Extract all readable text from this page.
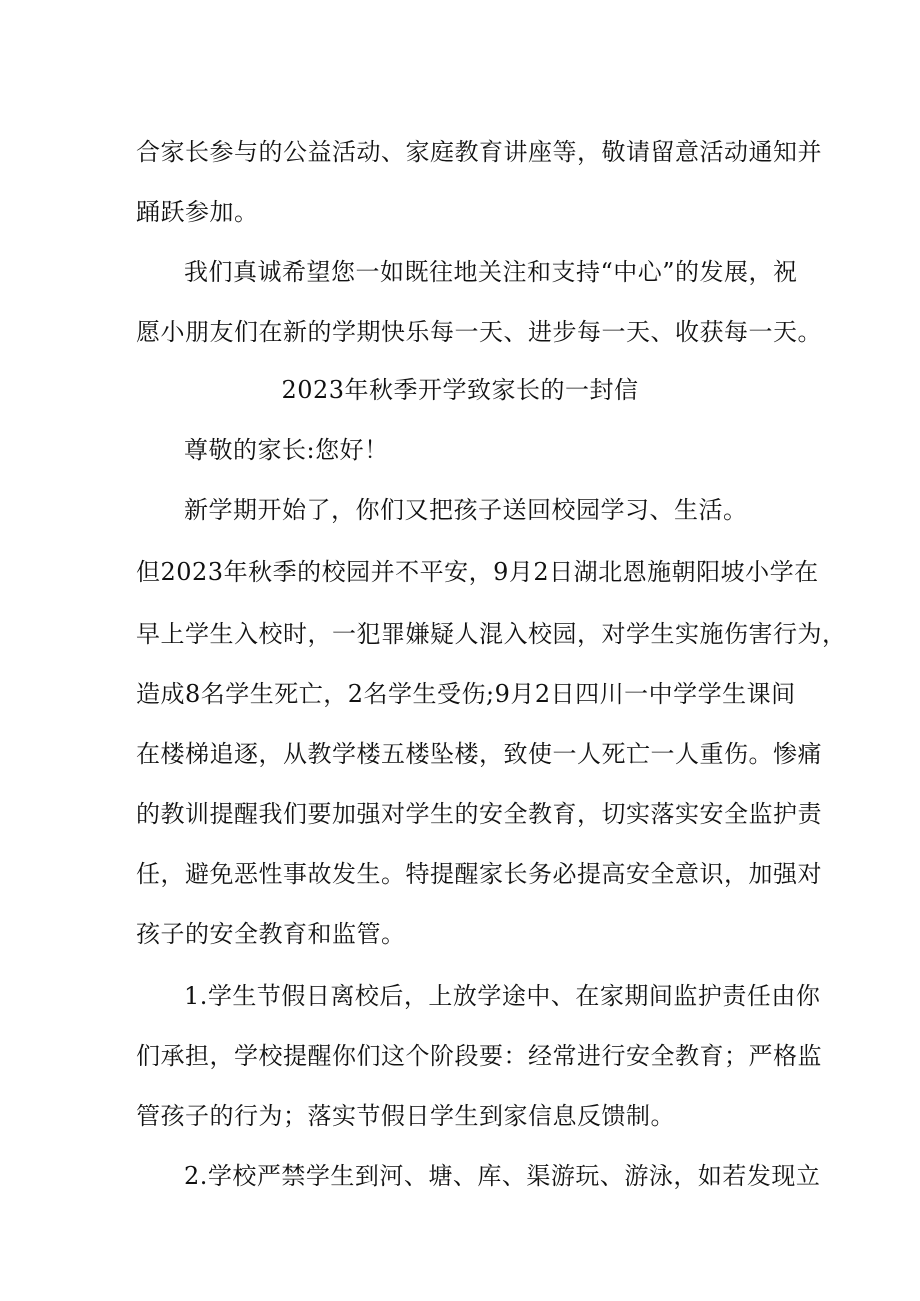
合家长参与的公益活动、家庭教育讲座等，敬请留意活动通知并
踊跃参加。
我们真诚希望您一如既往地关注和支持“中心”的发展，祝
愿小朋友们在新的学期快乐每一天、进步每一天、收获每一天。
2023年秋季开学致家长的一封信
尊敬的家长:您好！
新学期开始了，你们又把孩子送回校园学习、生活。
但2023年秋季的校园并不平安，9月2日湖北恩施朝阳坡小学在
早上学生入校时，一犯罪嫌疑人混入校园，对学生实施伤害行为，
造成8名学生死亡，2名学生受伤;9月2日四川一中学学生课间
在楼梯追逐，从教学楼五楼坠楼，致使一人死亡一人重伤。惨痛
的教训提醒我们要加强对学生的安全教育，切实落实安全监护责
任，避免恶性事故发生。特提醒家长务必提高安全意识，加强对
孩子的安全教育和监管。
1.学生节假日离校后，上放学途中、在家期间监护责任由你
们承担，学校提醒你们这个阶段要：经常进行安全教育；严格监
管孩子的行为；落实节假日学生到家信息反馈制。
2.学校严禁学生到河、塘、库、渠游玩、游泳，如若发现立
